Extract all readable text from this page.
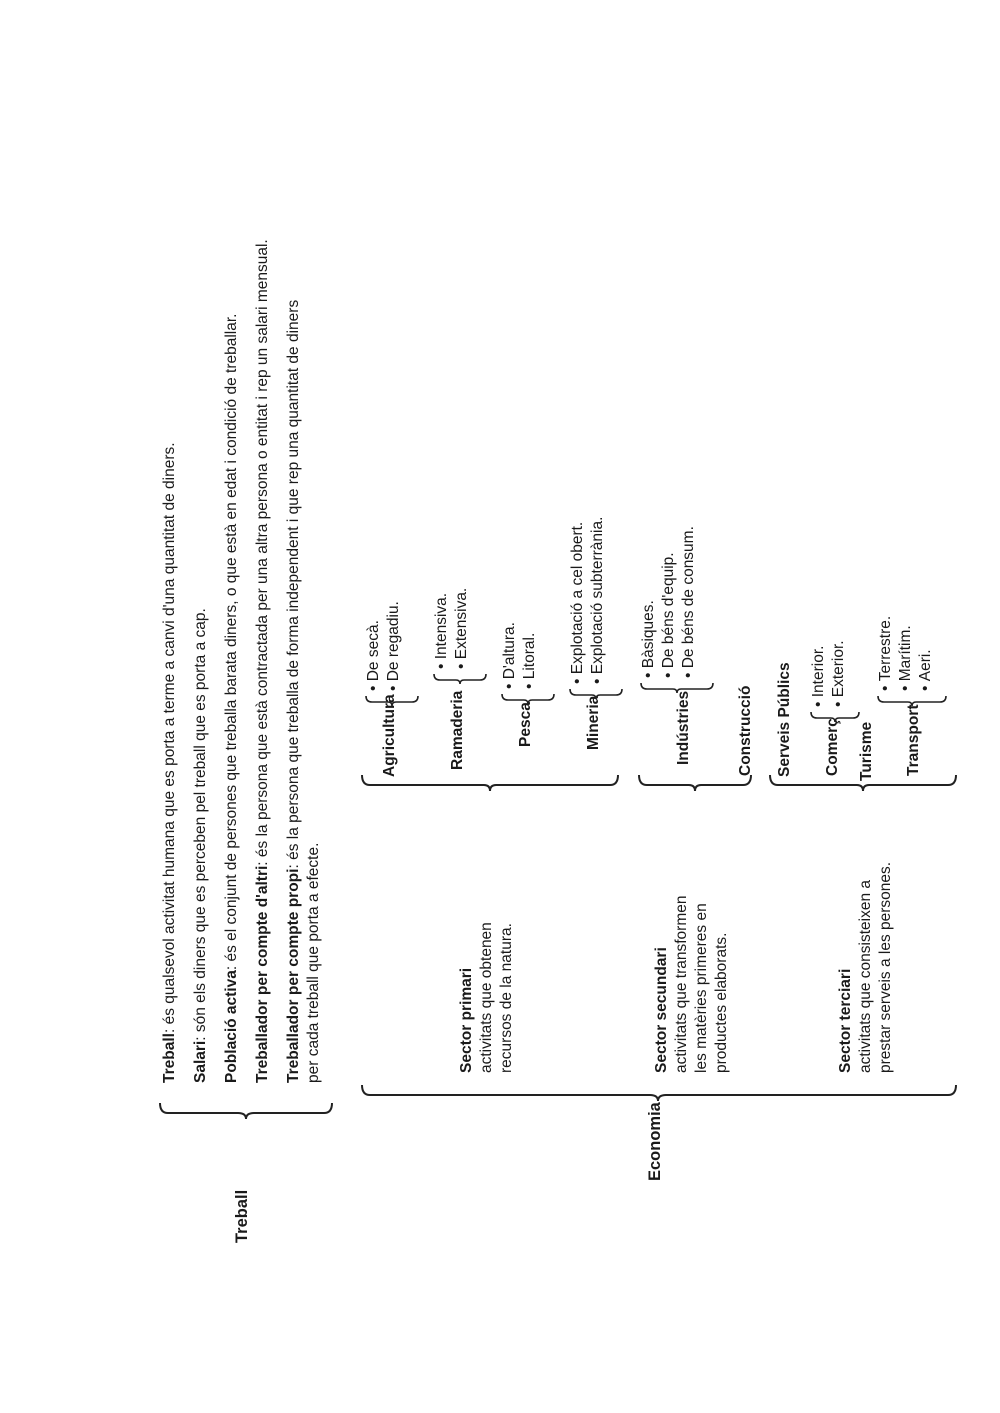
Treball
Treball: és qualsevol activitat humana que es porta a terme a canvi d'una quantitat de diners.
Salari: són els diners que es perceben pel treball que es porta a cap. Població activa: és el conjunt de persones que treballa barata diners, o que està en edat i condició de treballar.
Treballador per compte d'altri: és la persona que està contractada per una altra persona o entitat i rep un salari mensual.
Treballador per compte propi: és la persona que treballa de forma independent i que rep una quantitat de diners
per cada treball que porta a efecte.
Economia
Sector primari activitats que obtenen recursos de la natura.
Agricultura
• De secà. • De regadiu.
Ramaderia
• Intensiva. • Extensiva.
Pesca
• D'altura. • Litoral.
Mineria
• Explotació a cel obert. • Explotació subterrània.
Sector secundari activitats que transformen les matèries primeres en productes elaborats.
Indústries
• Bàsiques. • De béns d'equip. • De béns de consum.
Construcció
Sector terciari activitats que consisteixen a prestar serveis a les persones.
Serveis Públics Comerç
• Interior. • Exterior.
Turisme Transport
• Terrestre. • Marítim. • Aeri.
